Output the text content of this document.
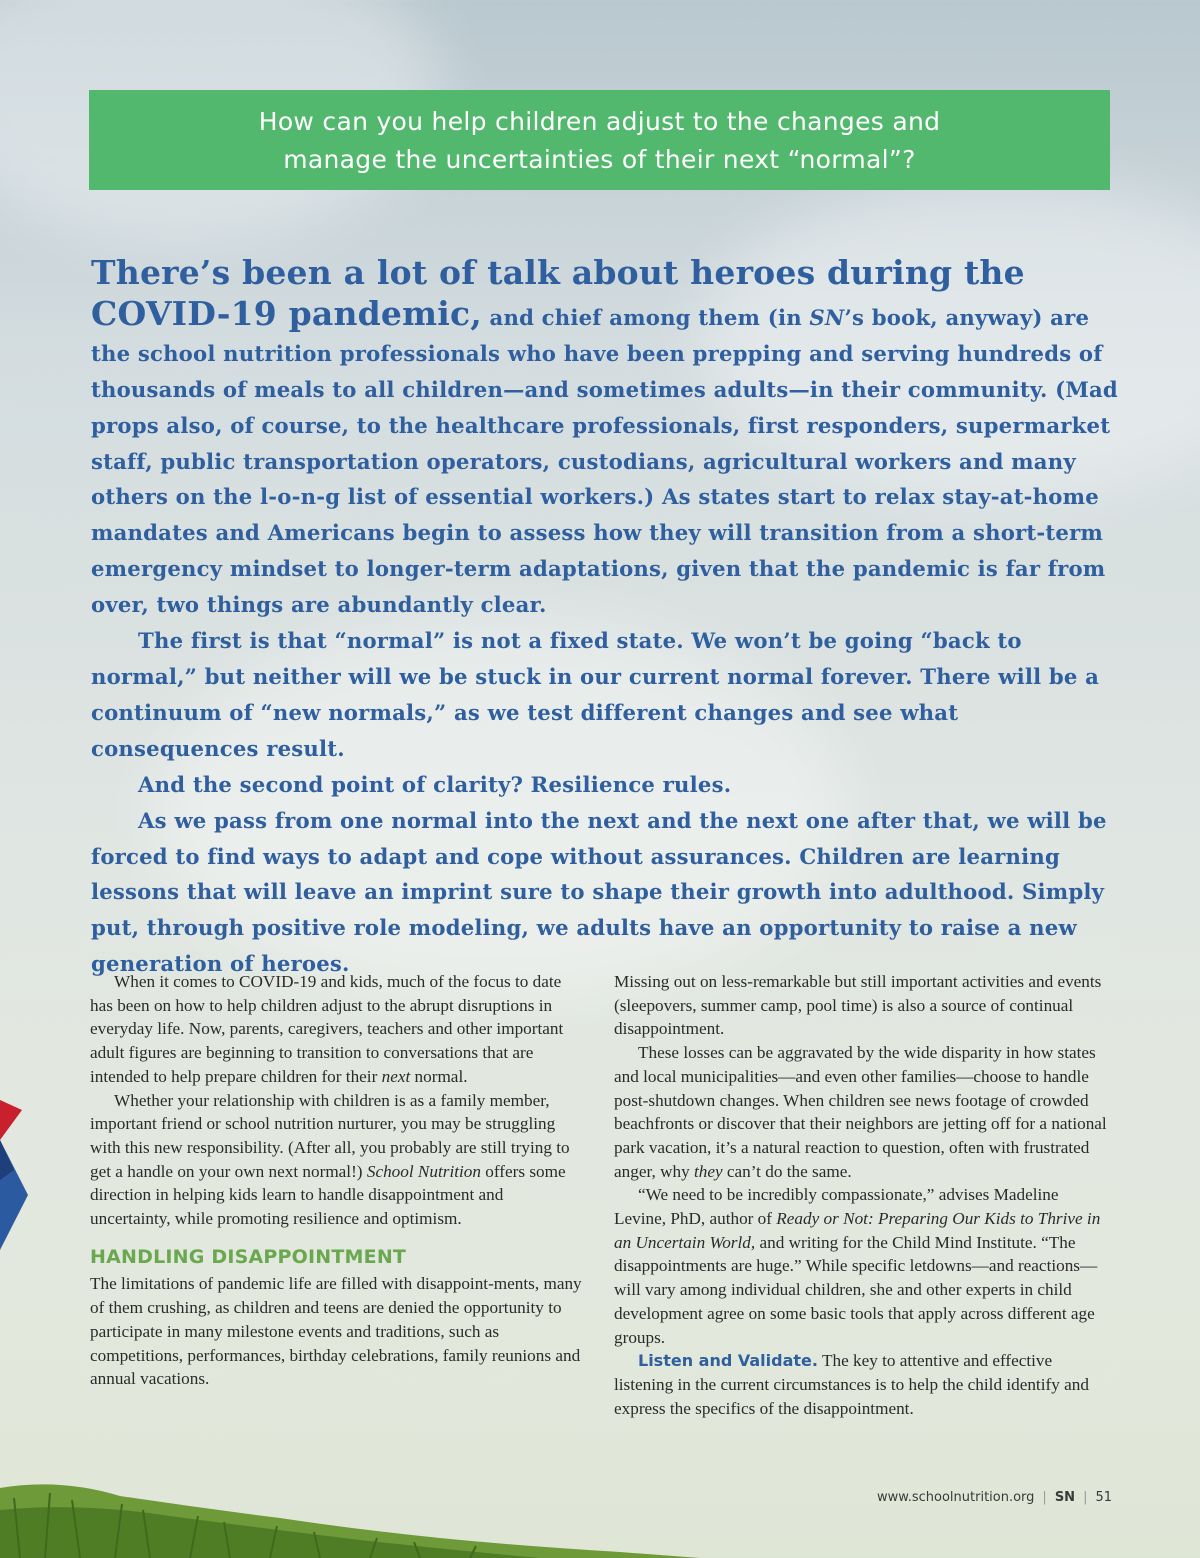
How can you help children adjust to the changes and
manage the uncertainties of their next “normal”?

There’s been a lot of talk about heroes during the COVID-19 pandemic, and chief among them (in SN’s book, anyway) are the school nutrition professionals who have been prepping and serving hundreds of thousands of meals to all children—and sometimes adults—in their community. (Mad props also, of course, to the healthcare professionals, first responders, supermarket staff, public transportation operators, custodians, agricultural workers and many others on the l-o-n-g list of essential workers.) As states start to relax stay-at-home mandates and Americans begin to assess how they will transition from a short-term emergency mindset to longer-term adaptations, given that the pandemic is far from over, two things are abundantly clear.

The first is that “normal” is not a fixed state. We won’t be going “back to normal,” but neither will we be stuck in our current normal forever. There will be a continuum of “new normals,” as we test different changes and see what consequences result.

And the second point of clarity? Resilience rules.

As we pass from one normal into the next and the next one after that, we will be forced to find ways to adapt and cope without assurances. Children are learning lessons that will leave an imprint sure to shape their growth into adulthood. Simply put, through positive role modeling, we adults have an opportunity to raise a new generation of heroes.

When it comes to COVID-19 and kids, much of the focus to date has been on how to help children adjust to the abrupt disruptions in everyday life. Now, parents, caregivers, teachers and other important adult figures are beginning to transition to conversations that are intended to help prepare children for their next normal.

Whether your relationship with children is as a family member, important friend or school nutrition nurturer, you may be struggling with this new responsibility. (After all, you probably are still trying to get a handle on your own next normal!) School Nutrition offers some direction in helping kids learn to handle disappointment and uncertainty, while promoting resilience and optimism.

HANDLING DISAPPOINTMENT

The limitations of pandemic life are filled with disappoint-ments, many of them crushing, as children and teens are denied the opportunity to participate in many milestone events and traditions, such as competitions, performances, birthday celebrations, family reunions and annual vacations.

Missing out on less-remarkable but still important activities and events (sleepovers, summer camp, pool time) is also a source of continual disappointment.

These losses can be aggravated by the wide disparity in how states and local municipalities—and even other families—choose to handle post-shutdown changes. When children see news footage of crowded beachfronts or discover that their neighbors are jetting off for a national park vacation, it’s a natural reaction to question, often with frustrated anger, why they can’t do the same.

“We need to be incredibly compassionate,” advises Madeline Levine, PhD, author of Ready or Not: Preparing Our Kids to Thrive in an Uncertain World, and writing for the Child Mind Institute. “The disappointments are huge.” While specific letdowns—and reactions—will vary among individual children, she and other experts in child development agree on some basic tools that apply across different age groups.

Listen and Validate. The key to attentive and effective listening in the current circumstances is to help the child identify and express the specifics of the disappointment.

www.schoolnutrition.org | SN | 51
